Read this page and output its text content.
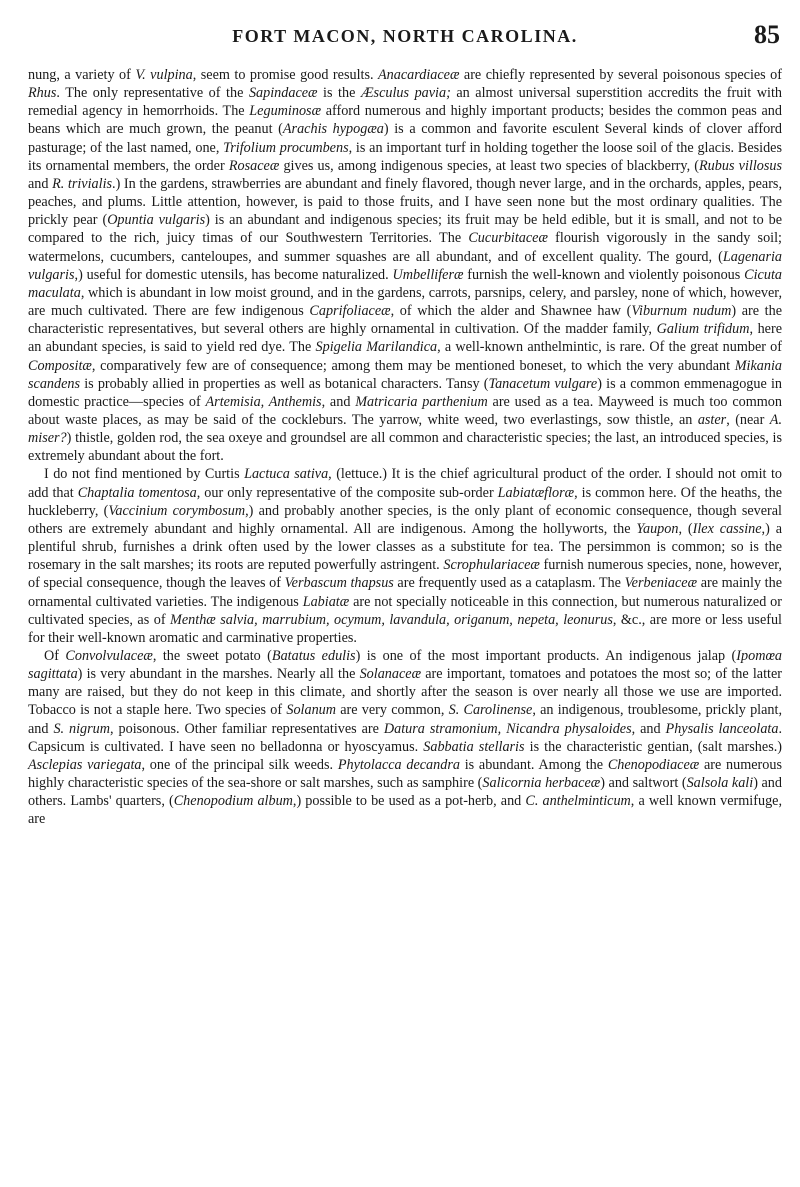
FORT MACON, NORTH CAROLINA.	85

nung, a variety of V. vulpina, seem to promise good results. Anacardiaceæ are chiefly represented by several poisonous species of Rhus. The only representative of the Sapindaceæ is the Æsculus pavia; an almost universal superstition accredits the fruit with remedial agency in hemorrhoids. The Leguminosæ afford numerous and highly important products; besides the common peas and beans which are much grown, the peanut (Arachis hypogæa) is a common and favorite esculent Several kinds of clover afford pasturage; of the last named, one, Trifolium procumbens, is an important turf in holding together the loose soil of the glacis. Besides its ornamental members, the order Rosaceæ gives us, among indigenous species, at least two species of blackberry, (Rubus villosus and R. trivialis.) In the gardens, strawberries are abundant and finely flavored, though never large, and in the orchards, apples, pears, peaches, and plums. Little attention, however, is paid to those fruits, and I have seen none but the most ordinary qualities. The prickly pear (Opuntia vulgaris) is an abundant and indigenous species; its fruit may be held edible, but it is small, and not to be compared to the rich, juicy timas of our Southwestern Territories. The Cucurbitaceæ flourish vigorously in the sandy soil; watermelons, cucumbers, canteloupes, and summer squashes are all abundant, and of excellent quality. The gourd, (Lagenaria vulgaris,) useful for domestic utensils, has become naturalized. Umbelliferæ furnish the well-known and violently poisonous Cicuta maculata, which is abundant in low moist ground, and in the gardens, carrots, parsnips, celery, and parsley, none of which, however, are much cultivated. There are few indigenous Caprifoliaceæ, of which the alder and Shawnee haw (Viburnum nudum) are the characteristic representatives, but several others are highly ornamental in cultivation. Of the madder family, Galium trifidum, here an abundant species, is said to yield red dye. The Spigelia Marilandica, a well-known anthelmintic, is rare. Of the great number of Compositæ, comparatively few are of consequence; among them may be mentioned boneset, to which the very abundant Mikania scandens is probably allied in properties as well as botanical characters. Tansy (Tanacetum vulgare) is a common emmenagogue in domestic practice—species of Artemisia, Anthemis, and Matricaria parthenium are used as a tea. Mayweed is much too common about waste places, as may be said of the cockleburs. The yarrow, white weed, two everlastings, sow thistle, an aster, (near A. miser?) thistle, golden rod, the sea oxeye and groundsel are all common and characteristic species; the last, an introduced species, is extremely abundant about the fort.

I do not find mentioned by Curtis Lactuca sativa, (lettuce.) It is the chief agricultural product of the order. I should not omit to add that Chaptalia tomentosa, our only representative of the composite sub-order Labiatæfloræ, is common here. Of the heaths, the huckleberry, (Vaccinium corymbosum,) and probably another species, is the only plant of economic consequence, though several others are extremely abundant and highly ornamental. All are indigenous. Among the hollyworts, the Yaupon, (Ilex cassine,) a plentiful shrub, furnishes a drink often used by the lower classes as a substitute for tea. The persimmon is common; so is the rosemary in the salt marshes; its roots are reputed powerfully astringent. Scrophulariaceæ furnish numerous species, none, however, of special consequence, though the leaves of Verbascum thapsus are frequently used as a cataplasm. The Verbeniaceæ are mainly the ornamental cultivated varieties. The indigenous Labiatæ are not specially noticeable in this connection, but numerous naturalized or cultivated species, as of Menthæ salvia, marrubium, ocymum, lavandula, origanum, nepeta, leonurus, &c., are more or less useful for their well-known aromatic and carminative properties.

Of Convolvulaceæ, the sweet potato (Batatus edulis) is one of the most important products. An indigenous jalap (Ipomœa sagittata) is very abundant in the marshes. Nearly all the Solanaceæ are important, tomatoes and potatoes the most so; of the latter many are raised, but they do not keep in this climate, and shortly after the season is over nearly all those we use are imported. Tobacco is not a staple here. Two species of Solanum are very common, S. Carolinense, an indigenous, troublesome, prickly plant, and S. nigrum, poisonous. Other familiar representatives are Datura stramonium, Nicandra physaloides, and Physalis lanceolata. Capsicum is cultivated. I have seen no belladonna or hyoscyamus. Sabbatia stellaris is the characteristic gentian, (salt marshes.) Asclepias variegata, one of the principal silk weeds. Phytolacca decandra is abundant. Among the Chenopodiaceæ are numerous highly characteristic species of the sea-shore or salt marshes, such as samphire (Salicornia herbaceæ) and saltwort (Salsola kali) and others. Lambs' quarters, (Chenopodium album,) possible to be used as a pot-herb, and C. anthelminticum, a well known vermifuge, are
